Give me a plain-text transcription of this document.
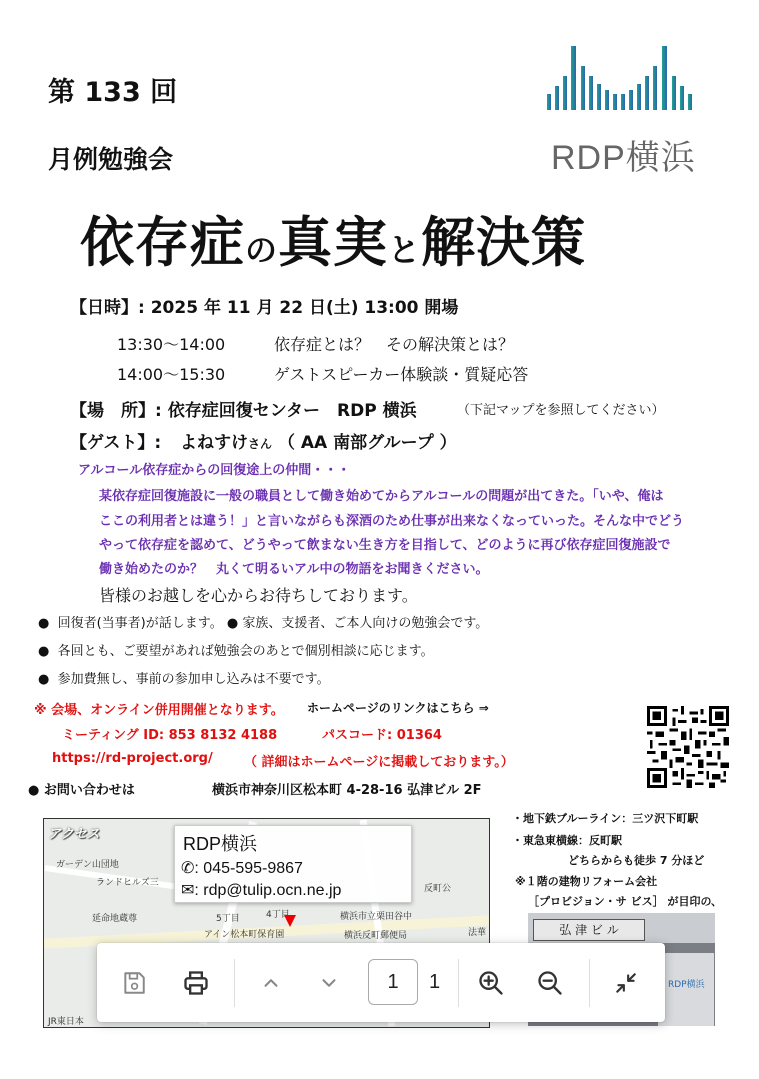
第 133 回
月例勉強会	RDP横浜
依存症の真実と解決策
【日時】: 2025 年 11 月 22 日(土) 13:00 開場
13:30～14:00	依存症とは？　その解決策とは？
14:00～15:30	ゲストスピーカー体験談・質疑応答
【場　所】: 依存症回復センター　RDP 横浜	（下記マップを参照してください）
【ゲスト】: よねすけさん （ AA 南部グループ ）
アルコール依存症からの回復途上の仲間・・・
某依存症回復施設に一般の職員として働き始めてからアルコールの問題が出てきた。「いや、俺は
ここの利用者とは違う！」と言いながらも深酒のため仕事が出来なくなっていった。そんな中でどう
やって依存症を認めて、どうやって飲まない生き方を目指して、どのように再び依存症回復施設で
働き始めたのか？　丸くて明るいアル中の物語をお聞きください。
皆様のお越しを心からお待ちしております。
●  回復者(当事者)が話します。 ● 家族、支援者、ご本人向けの勉強会です。
●  各回とも、ご要望があれば勉強会のあとで個別相談に応じます。
●  参加費無し、事前の参加申し込みは不要です。
※ 会場、オンライン併用開催となります。 ホームページのリンクはこちら ⇒
ミーティング ID: 853 8132 4188	パスコード: 01364
https://rd-project.org/ （ 詳細はホームページに掲載しております。）
● お問い合わせは	横浜市神奈川区松本町 4-28-16 弘津ビル 2F
ガーデン山団地
ランドヒルズ三
延命地蔵尊
アイン松本町保育園
横浜市立栗田谷中
横浜反町郵便局
5丁目	4丁目
反町公
JR東日本
法華
アクセス	RDP横浜
✆: 045-595-9867
✉: rdp@tulip.ocn.ne.jp
・地下鉄ブルーライン：三ツ沢下町駅
・東急東横線：反町駅
どちらからも徒歩 7 分ほど
※１階の建物リフォーム会社
［プロビジョン・サ ビス］ が目印の、
弘 津 ビ ル
RDP横浜
1	1
